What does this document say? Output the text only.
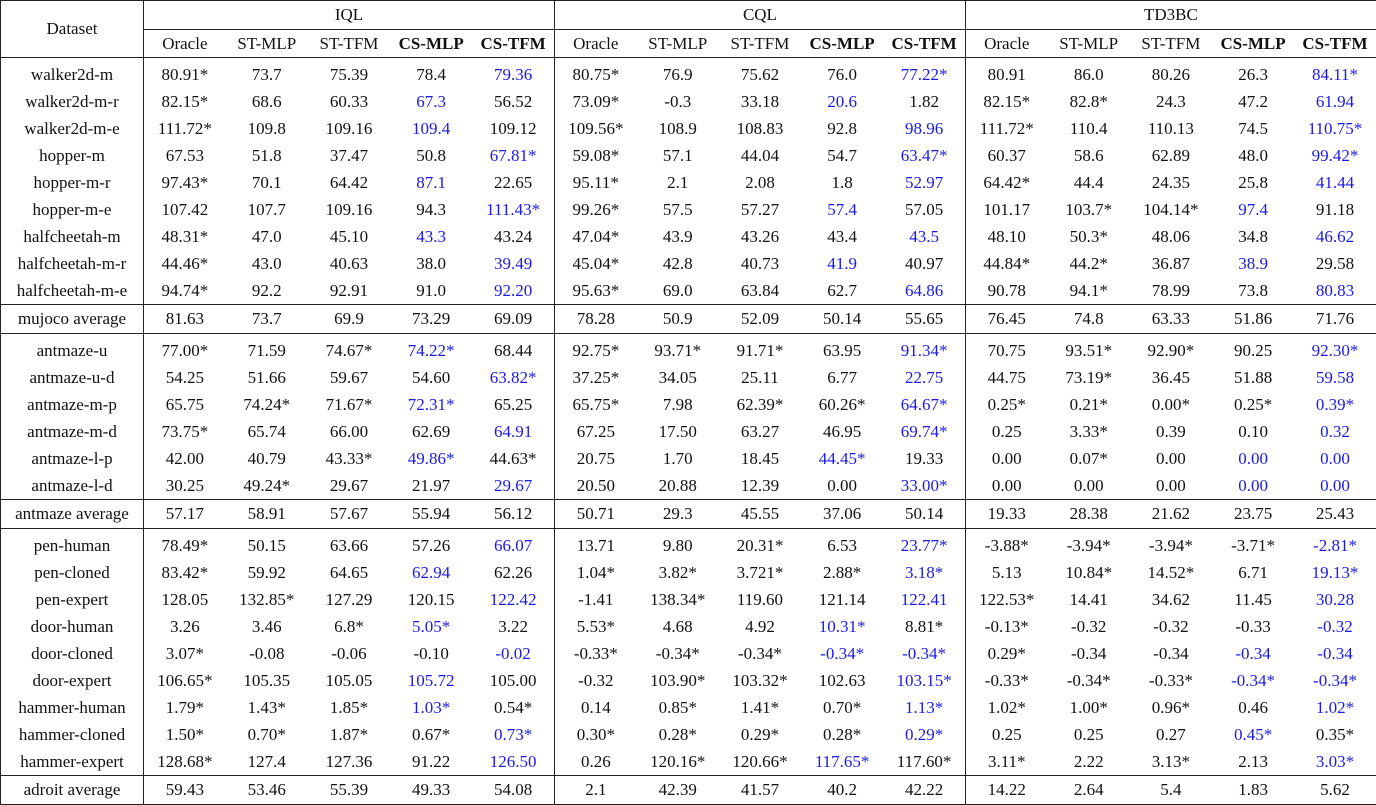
Dataset	IQL					CQL					TD3BC				
	Oracle	ST-MLP	ST-TFM	CS-MLP	CS-TFM	Oracle	ST-MLP	ST-TFM	CS-MLP	CS-TFM	Oracle	ST-MLP	ST-TFM	CS-MLP	CS-TFM
walker2d-m	80.91*	73.7	75.39	78.4	79.36	80.75*	76.9	75.62	76.0	77.22*	80.91	86.0	80.26	26.3	84.11*
walker2d-m-r	82.15*	68.6	60.33	67.3	56.52	73.09*	-0.3	33.18	20.6	1.82	82.15*	82.8*	24.3	47.2	61.94
walker2d-m-e	111.72*	109.8	109.16	109.4	109.12	109.56*	108.9	108.83	92.8	98.96	111.72*	110.4	110.13	74.5	110.75*
hopper-m	67.53	51.8	37.47	50.8	67.81*	59.08*	57.1	44.04	54.7	63.47*	60.37	58.6	62.89	48.0	99.42*
hopper-m-r	97.43*	70.1	64.42	87.1	22.65	95.11*	2.1	2.08	1.8	52.97	64.42*	44.4	24.35	25.8	41.44
hopper-m-e	107.42	107.7	109.16	94.3	111.43*	99.26*	57.5	57.27	57.4	57.05	101.17	103.7*	104.14*	97.4	91.18
halfcheetah-m	48.31*	47.0	45.10	43.3	43.24	47.04*	43.9	43.26	43.4	43.5	48.10	50.3*	48.06	34.8	46.62
halfcheetah-m-r	44.46*	43.0	40.63	38.0	39.49	45.04*	42.8	40.73	41.9	40.97	44.84*	44.2*	36.87	38.9	29.58
halfcheetah-m-e	94.74*	92.2	92.91	91.0	92.20	95.63*	69.0	63.84	62.7	64.86	90.78	94.1*	78.99	73.8	80.83
mujoco average	81.63	73.7	69.9	73.29	69.09	78.28	50.9	52.09	50.14	55.65	76.45	74.8	63.33	51.86	71.76
antmaze-u	77.00*	71.59	74.67*	74.22*	68.44	92.75*	93.71*	91.71*	63.95	91.34*	70.75	93.51*	92.90*	90.25	92.30*
antmaze-u-d	54.25	51.66	59.67	54.60	63.82*	37.25*	34.05	25.11	6.77	22.75	44.75	73.19*	36.45	51.88	59.58
antmaze-m-p	65.75	74.24*	71.67*	72.31*	65.25	65.75*	7.98	62.39*	60.26*	64.67*	0.25*	0.21*	0.00*	0.25*	0.39*
antmaze-m-d	73.75*	65.74	66.00	62.69	64.91	67.25	17.50	63.27	46.95	69.74*	0.25	3.33*	0.39	0.10	0.32
antmaze-l-p	42.00	40.79	43.33*	49.86*	44.63*	20.75	1.70	18.45	44.45*	19.33	0.00	0.07*	0.00	0.00	0.00
antmaze-l-d	30.25	49.24*	29.67	21.97	29.67	20.50	20.88	12.39	0.00	33.00*	0.00	0.00	0.00	0.00	0.00
antmaze average	57.17	58.91	57.67	55.94	56.12	50.71	29.3	45.55	37.06	50.14	19.33	28.38	21.62	23.75	25.43
pen-human	78.49*	50.15	63.66	57.26	66.07	13.71	9.80	20.31*	6.53	23.77*	-3.88*	-3.94*	-3.94*	-3.71*	-2.81*
pen-cloned	83.42*	59.92	64.65	62.94	62.26	1.04*	3.82*	3.721*	2.88*	3.18*	5.13	10.84*	14.52*	6.71	19.13*
pen-expert	128.05	132.85*	127.29	120.15	122.42	-1.41	138.34*	119.60	121.14	122.41	122.53*	14.41	34.62	11.45	30.28
door-human	3.26	3.46	6.8*	5.05*	3.22	5.53*	4.68	4.92	10.31*	8.81*	-0.13*	-0.32	-0.32	-0.33	-0.32
door-cloned	3.07*	-0.08	-0.06	-0.10	-0.02	-0.33*	-0.34*	-0.34*	-0.34*	-0.34*	0.29*	-0.34	-0.34	-0.34	-0.34
door-expert	106.65*	105.35	105.05	105.72	105.00	-0.32	103.90*	103.32*	102.63	103.15*	-0.33*	-0.34*	-0.33*	-0.34*	-0.34*
hammer-human	1.79*	1.43*	1.85*	1.03*	0.54*	0.14	0.85*	1.41*	0.70*	1.13*	1.02*	1.00*	0.96*	0.46	1.02*
hammer-cloned	1.50*	0.70*	1.87*	0.67*	0.73*	0.30*	0.28*	0.29*	0.28*	0.29*	0.25	0.25	0.27	0.45*	0.35*
hammer-expert	128.68*	127.4	127.36	91.22	126.50	0.26	120.16*	120.66*	117.65*	117.60*	3.11*	2.22	3.13*	2.13	3.03*
adroit average	59.43	53.46	55.39	49.33	54.08	2.1	42.39	41.57	40.2	42.22	14.22	2.64	5.4	1.83	5.62
